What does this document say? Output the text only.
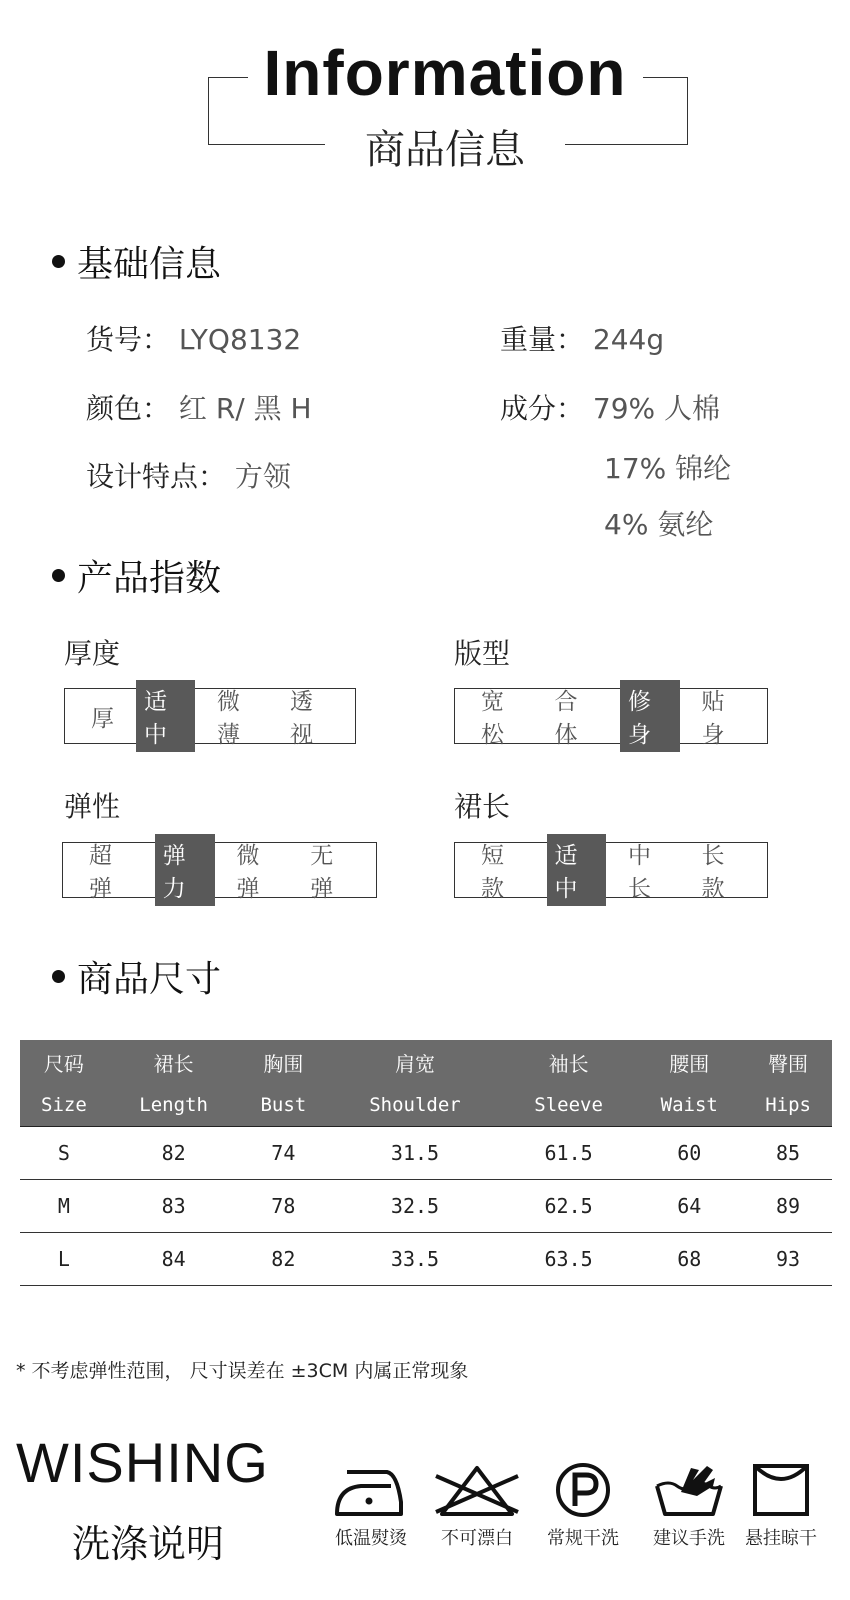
Information
商品信息
基础信息
货号： LYQ8132	重量： 244g
颜色： 红 R/ 黑 H	成分： 79% 人棉
17% 锦纶
4% 氨纶
设计特点： 方领
产品指数
厚度
厚
适中
微薄
透视
版型
宽松
合体
修身
贴身
弹性
超弹
弹力
微弹
无弹
裙长
短款
适中
中长
长款
商品尺寸
尺码	裙长	胸围	肩宽	袖长	腰围	臀围
Size	Length	Bust	Shoulder	Sleeve	Waist	Hips
S	82	74	31.5	61.5	60	85
M	83	78	32.5	62.5	64	89
L	84	82	33.5	63.5	68	93
* 不考虑弹性范围， 尺寸误差在 ±3CM 内属正常现象
WISHING
洗涤说明	低温熨烫	不可漂白	常规干洗	建议手洗	悬挂晾干
